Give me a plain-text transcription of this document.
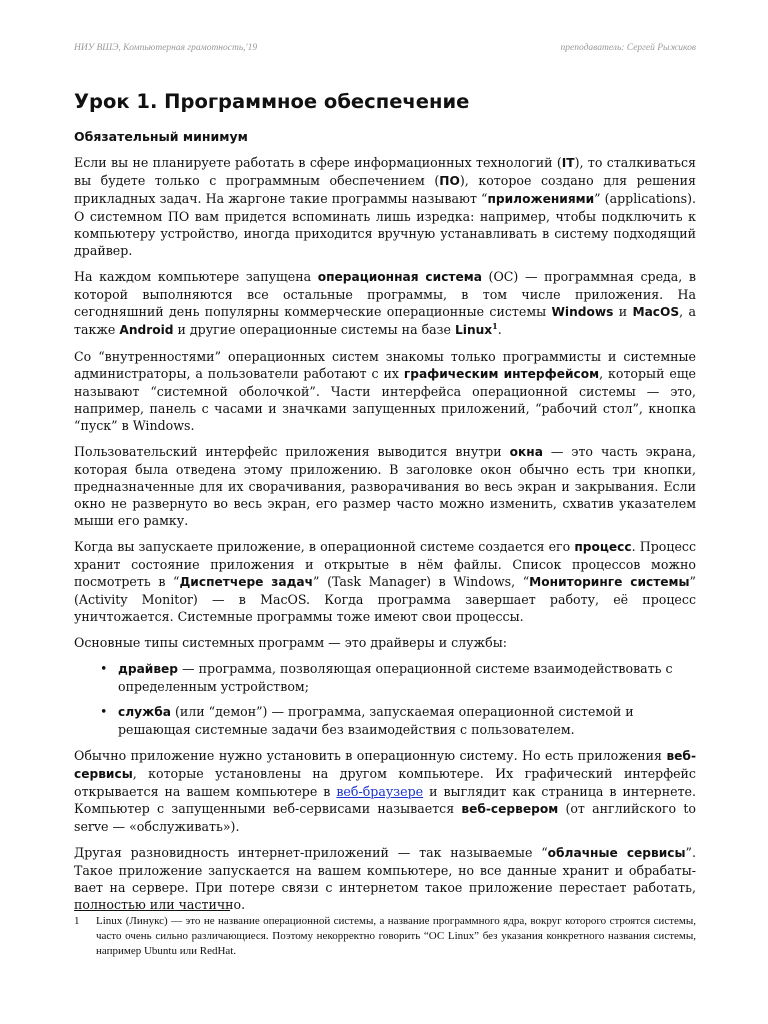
НИУ ВШЭ, Компьютерная грамотность,'19	преподаватель: Сергей Рыжиков
Урок 1. Программное обеспечение
Обязательный минимум

Если вы не планируете работать в сфере информационных технологий (IT), то сталкиваться вы будете только с программным обеспечением (ПО), которое создано для решения прикладных задач. На жаргоне такие программы называют “приложениями” (applications). О системном ПО вам придется вспоминать лишь изредка: например, чтобы подключить к компьютеру устройство, иногда приходится вручную устанавливать в систему подходящий драйвер.

На каждом компьютере запущена операционная система (ОС) — программная среда, в которой выполняются все остальные программы, в том числе приложения. На сегодняшний день популярны коммерческие операционные системы Windows и MacOS, а также Android и другие операционные системы на базе Linux$^1$.

Со “внутренностями” операционных систем знакомы только программисты и системные администраторы, а пользователи работают с их графическим интерфейсом, который еще называют “системной оболочкой”. Части интерфейса операционной системы — это, например, панель с часами и значками запущенных приложений, “рабочий стол”, кнопка “пуск” в Windows.

Пользовательский интерфейс приложения выводится внутри окна — это часть экрана, которая была отведена этому приложению. В заголовке окон обычно есть три кнопки, предназначенные для их сворачивания, разворачивания во весь экран и закрывания. Если окно не развернуто во весь экран, его размер часто можно изменить, схватив указателем мыши его рамку.

Когда вы запускаете приложение, в операционной системе создается его процесс. Процесс хранит состояние приложения и открытые в нём файлы. Список процессов можно посмотреть в “Диспетчере задач” (Task Manager) в Windows, “Мониторинге системы” (Activity Monitor) — в MacOS. Когда программа завершает работу, её процесс уничтожается. Системные программы тоже имеют свои процессы.

Основные типы системных программ — это драйверы и службы:

• драйвер — программа, позволяющая операционной системе взаимодействовать с определенным устройством;
• служба (или “демон”) — программа, запускаемая операционной системой и решающая системные задачи без взаимодействия с пользователем.

Обычно приложение нужно установить в операционную систему. Но есть приложения веб-сервисы, которые установлены на другом компьютере. Их графический интерфейс открывается на вашем компьютере в веб-браузере и выглядит как страница в интернете. Компьютер с запущенными веб-сервисами называется веб-сервером (от английского to serve — «обслуживать»).

Другая разновидность интернет-приложений — так называемые “облачные сервисы”. Такое приложение запускается на вашем компьютере, но все данные хранит и обрабатывает на сервере. При потере связи с интернетом такое приложение перестает работать, полностью или частично.

1 Linux (Линукс) — это не название операционной системы, а название программного ядра, вокруг которого строятся системы, часто очень сильно различающиеся. Поэтому некорректно говорить “ОС Linux” без указания конкретного названия системы, например Ubuntu или RedHat.
